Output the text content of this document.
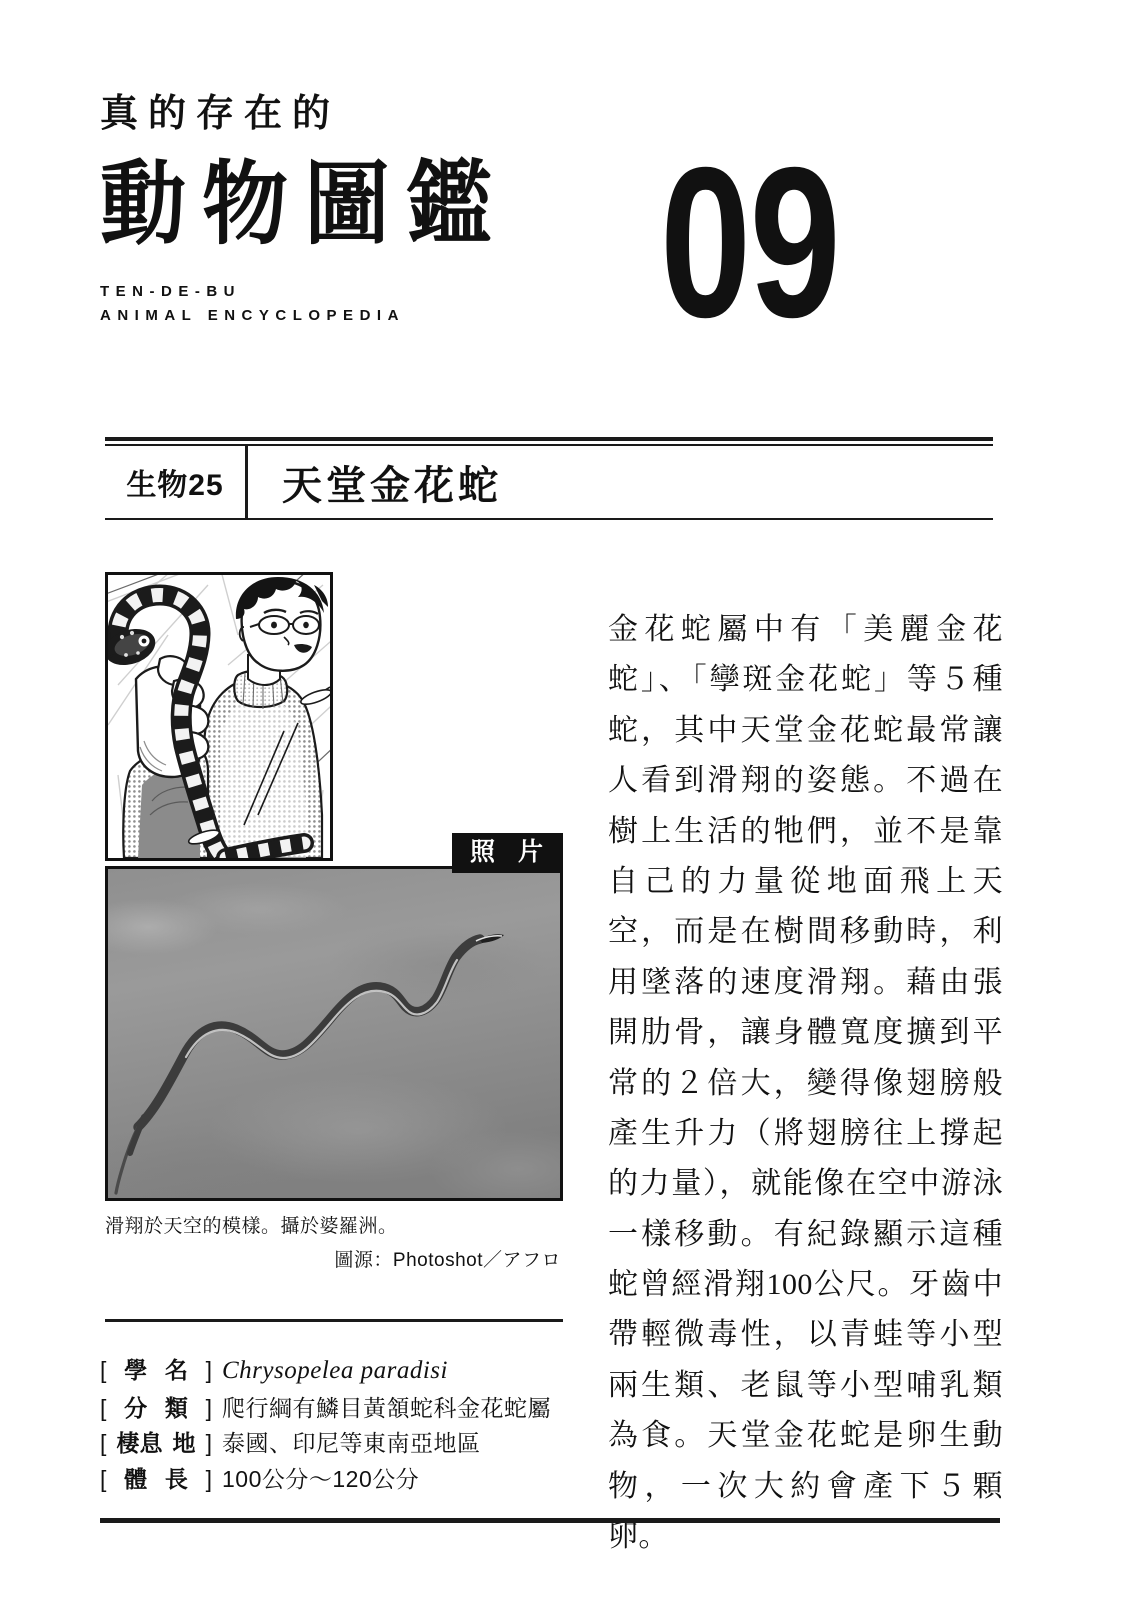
真的存在的
動物圖鑑
TEN-DE-BU
ANIMAL ENCYCLOPEDIA	09
生物25	天堂金花蛇
照 片
滑翔於天空的模樣。攝於婆羅洲。
圖源：Photoshot／アフロ

金花蛇屬中有「美麗金花蛇」、「孿斑金花蛇」等５種蛇，其中天堂金花蛇最常讓人看到滑翔的姿態。不過在樹上生活的牠們，並不是靠自己的力量從地面飛上天空，而是在樹間移動時，利用墜落的速度滑翔。藉由張開肋骨，讓身體寬度擴到平常的２倍大，變得像翅膀般產生升力（將翅膀往上撐起的力量），就能像在空中游泳一樣移動。有紀錄顯示這種蛇曾經滑翔100公尺。牙齒中帶輕微毒性，以青蛙等小型兩生類、老鼠等小型哺乳類為食。天堂金花蛇是卵生動物，一次大約會產下５顆卵。

[ 學 名 ] Chrysopelea paradisi
[ 分 類 ] 爬行綱有鱗目黃頷蛇科金花蛇屬
[ 棲息 地 ] 泰國、印尼等東南亞地區
[ 體 長 ] 100公分～120公分
